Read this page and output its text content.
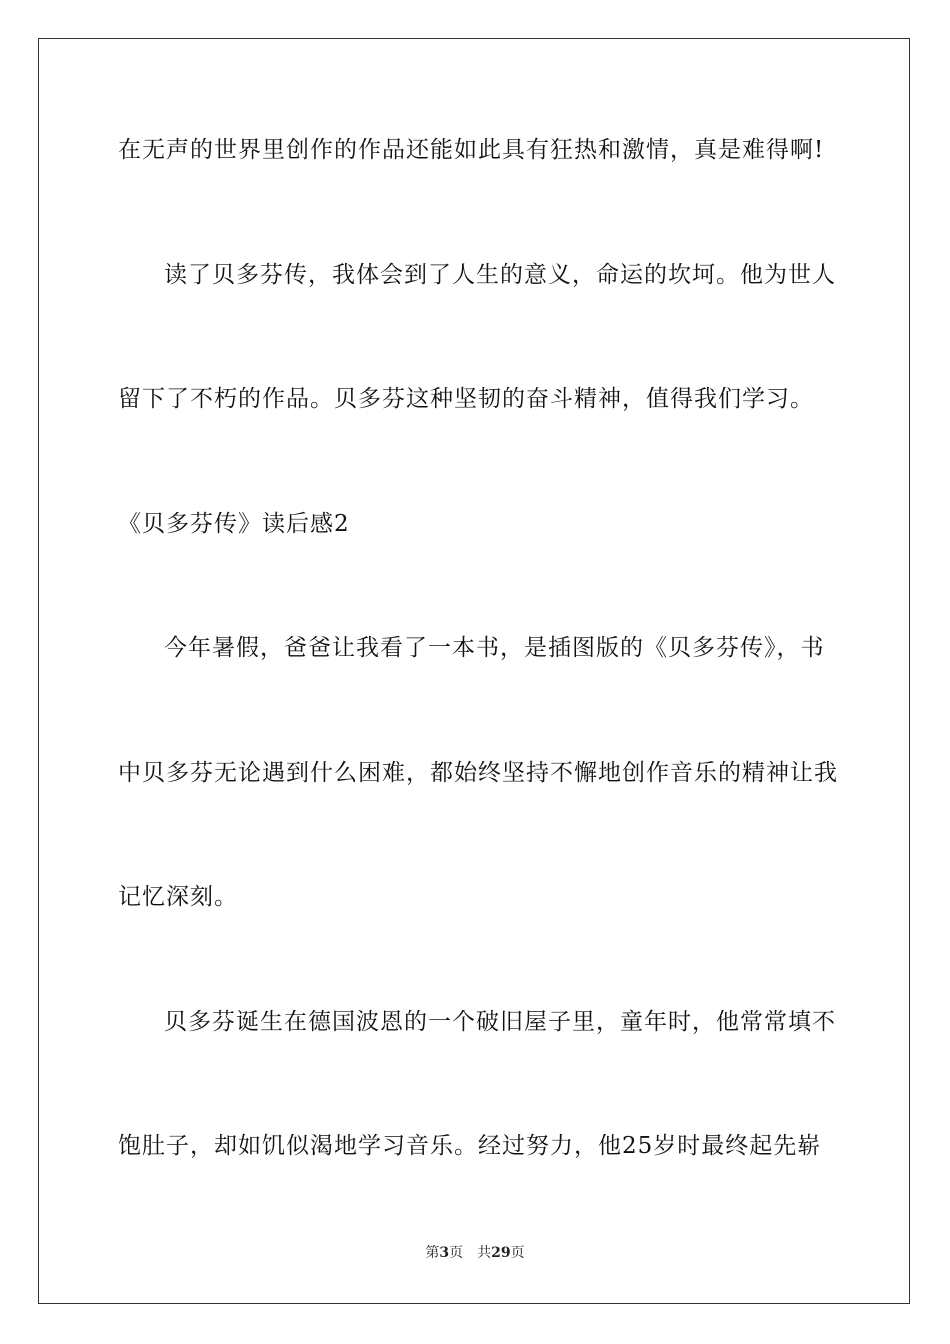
在无声的世界里创作的作品还能如此具有狂热和激情，真是难得啊!
读了贝多芬传，我体会到了人生的意义，命运的坎坷。他为世人
留下了不朽的作品。贝多芬这种坚韧的奋斗精神，值得我们学习。
《贝多芬传》读后感2
今年暑假，爸爸让我看了一本书，是插图版的《贝多芬传》，书
中贝多芬无论遇到什么困难，都始终坚持不懈地创作音乐的精神让我
记忆深刻。
贝多芬诞生在德国波恩的一个破旧屋子里，童年时，他常常填不
饱肚子，却如饥似渴地学习音乐。经过努力，他25岁时最终起先崭
第3页 共29页
